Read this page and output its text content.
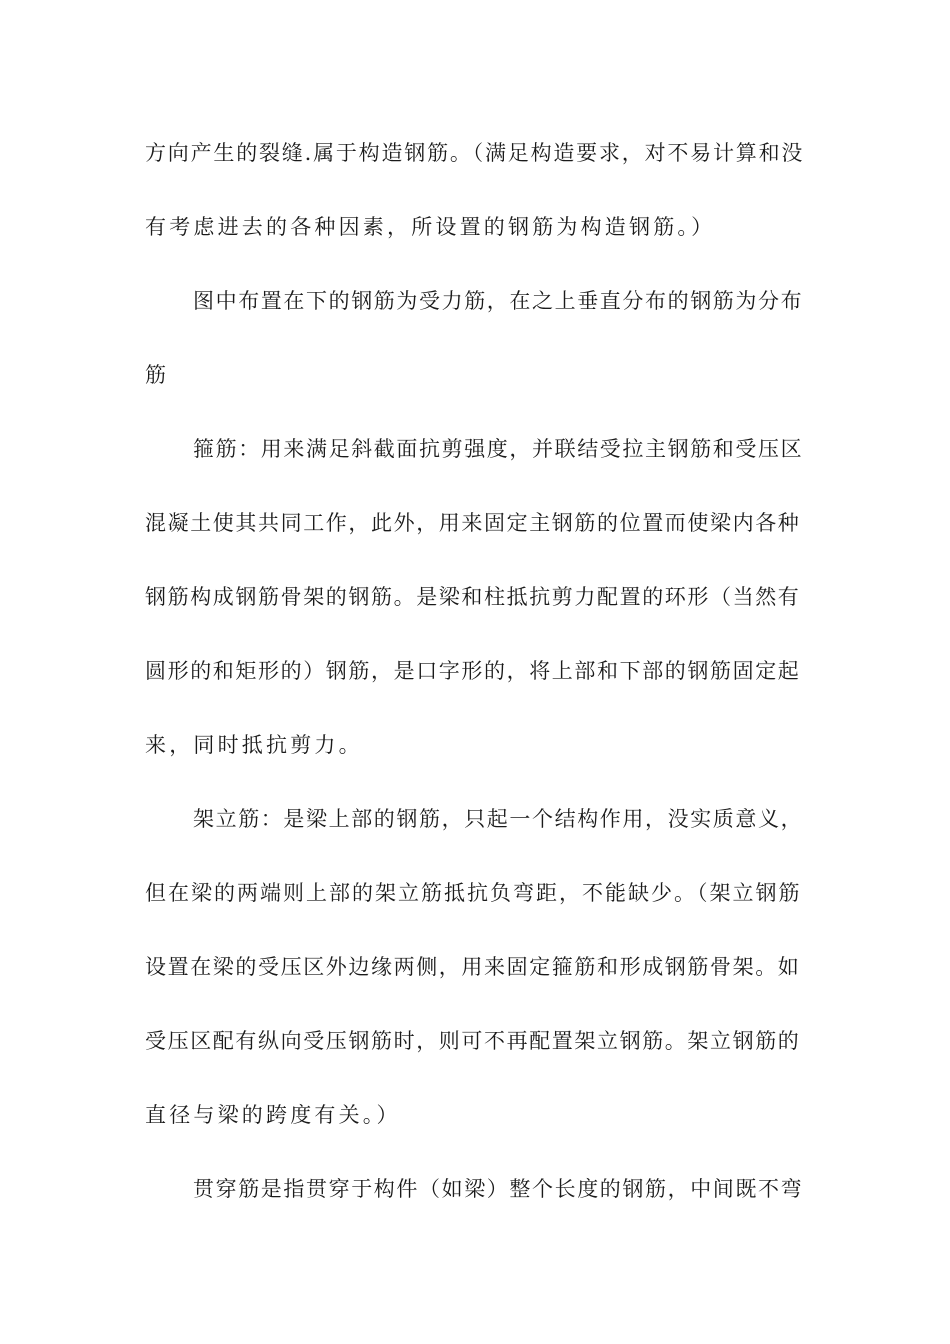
方向产生的裂缝.属于构造钢筋。（满足构造要求，对不易计算和没
有考虑进去的各种因素，所设置的钢筋为构造钢筋。）
图中布置在下的钢筋为受力筋，在之上垂直分布的钢筋为分布
筋
箍筋：用来满足斜截面抗剪强度，并联结受拉主钢筋和受压区
混凝土使其共同工作，此外，用来固定主钢筋的位置而使梁内各种
钢筋构成钢筋骨架的钢筋。是梁和柱抵抗剪力配置的环形（当然有
圆形的和矩形的）钢筋，是口字形的，将上部和下部的钢筋固定起
来，同时抵抗剪力。
架立筋：是梁上部的钢筋，只起一个结构作用，没实质意义，
但在梁的两端则上部的架立筋抵抗负弯距，不能缺少。（架立钢筋
设置在梁的受压区外边缘两侧，用来固定箍筋和形成钢筋骨架。如
受压区配有纵向受压钢筋时，则可不再配置架立钢筋。架立钢筋的
直径与梁的跨度有关。）
贯穿筋是指贯穿于构件（如梁）整个长度的钢筋，中间既不弯
